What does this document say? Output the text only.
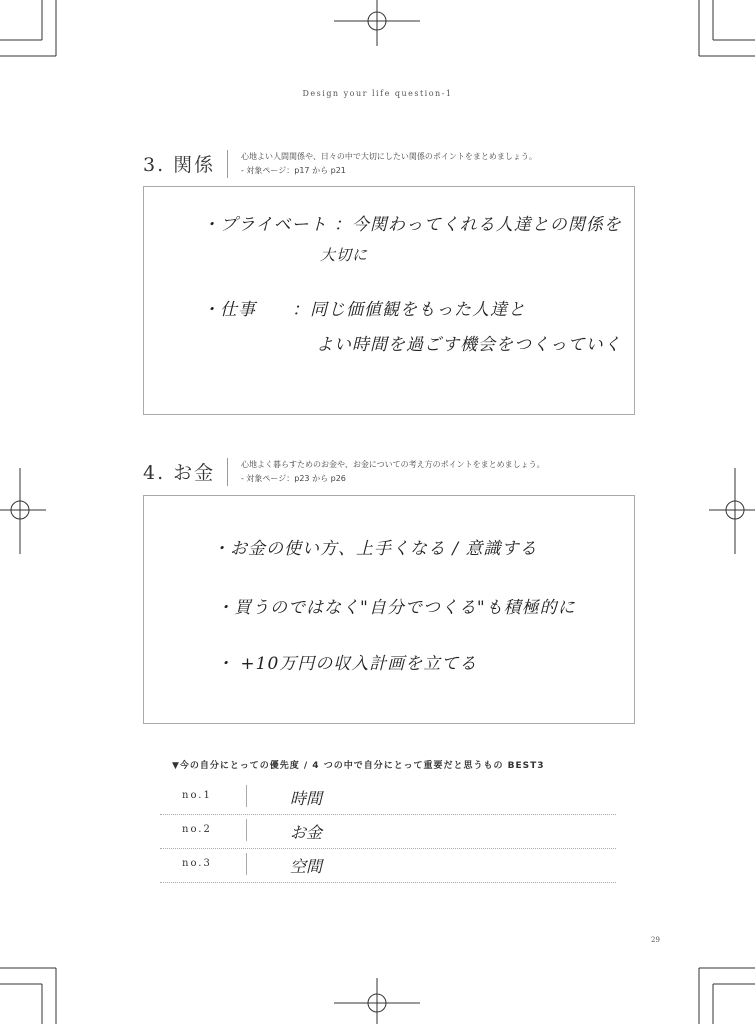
Design your life question-1
3. 関係	心地よい人間関係や、日々の中で大切にしたい関係のポイントをまとめましょう。
- 対象ページ：p17 から p21
・プライベート ：今関わってくれる人達との関係を
大切に
・仕事　　：同じ価値観をもった人達と
よい時間を過ごす機会をつくっていく
4. お金	心地よく暮らすためのお金や、お金についての考え方のポイントをまとめましょう。
- 対象ページ：p23 から p26
・お金の使い方、上手くなる / 意識する
・買うのではなく"自分でつくる"も積極的に
・ +10万円の収入計画を立てる
▼今の自分にとっての優先度 / 4 つの中で自分にとって重要だと思うもの BEST3
no.1	時間
no.2	お金
no.3	空間
29
